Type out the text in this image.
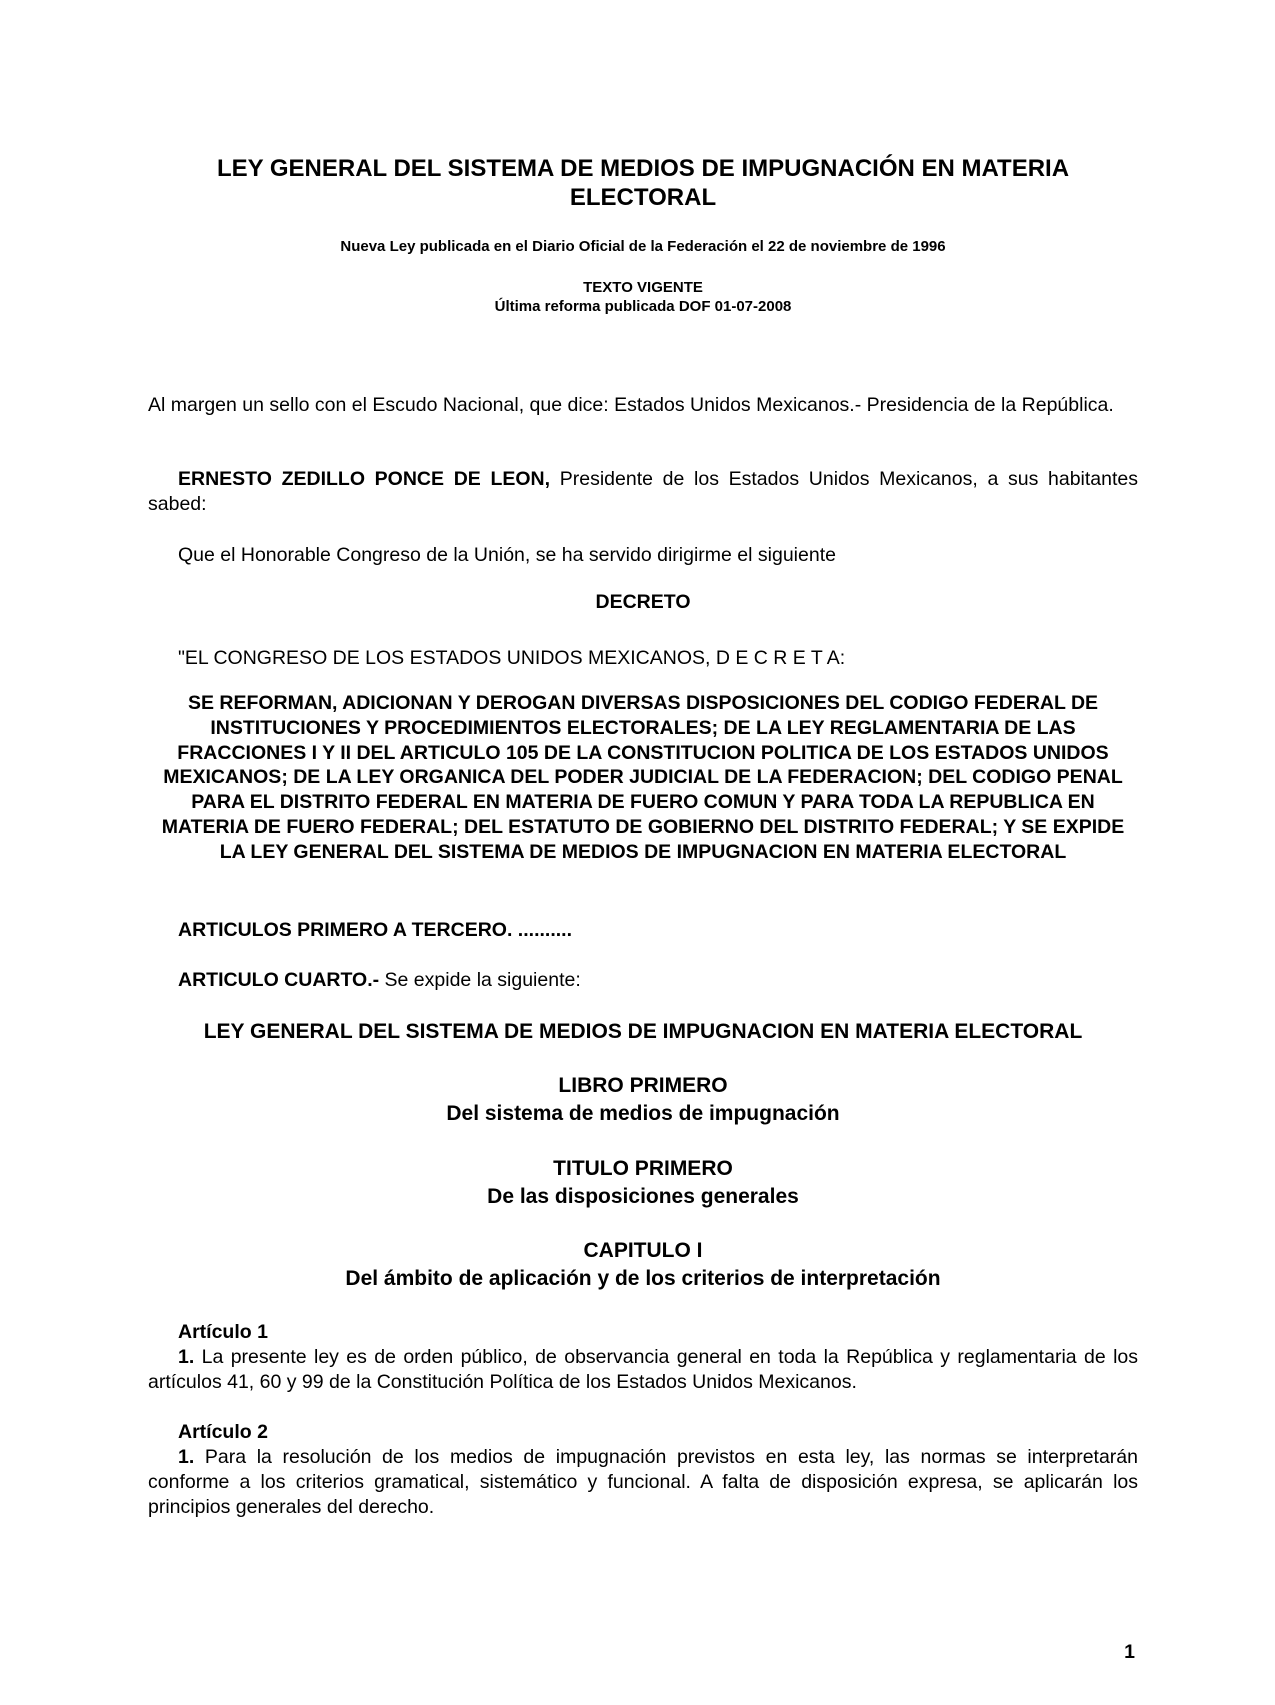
LEY GENERAL DEL SISTEMA DE MEDIOS DE IMPUGNACIÓN EN MATERIA ELECTORAL

Nueva Ley publicada en el Diario Oficial de la Federación el 22 de noviembre de 1996

TEXTO VIGENTE

Última reforma publicada DOF 01-07-2008

Al margen un sello con el Escudo Nacional, que dice: Estados Unidos Mexicanos.- Presidencia de la República.

ERNESTO ZEDILLO PONCE DE LEON, Presidente de los Estados Unidos Mexicanos, a sus habitantes sabed:

Que el Honorable Congreso de la Unión, se ha servido dirigirme el siguiente

DECRETO

"EL CONGRESO DE LOS ESTADOS UNIDOS MEXICANOS, D E C R E T A:

SE REFORMAN, ADICIONAN Y DEROGAN DIVERSAS DISPOSICIONES DEL CODIGO FEDERAL DE INSTITUCIONES Y PROCEDIMIENTOS ELECTORALES; DE LA LEY REGLAMENTARIA DE LAS FRACCIONES I Y II DEL ARTICULO 105 DE LA CONSTITUCION POLITICA DE LOS ESTADOS UNIDOS MEXICANOS; DE LA LEY ORGANICA DEL PODER JUDICIAL DE LA FEDERACION; DEL CODIGO PENAL PARA EL DISTRITO FEDERAL EN MATERIA DE FUERO COMUN Y PARA TODA LA REPUBLICA EN MATERIA DE FUERO FEDERAL; DEL ESTATUTO DE GOBIERNO DEL DISTRITO FEDERAL; Y SE EXPIDE LA LEY GENERAL DEL SISTEMA DE MEDIOS DE IMPUGNACION EN MATERIA ELECTORAL

ARTICULOS PRIMERO A TERCERO. ..........

ARTICULO CUARTO.- Se expide la siguiente:

LEY GENERAL DEL SISTEMA DE MEDIOS DE IMPUGNACION EN MATERIA ELECTORAL

LIBRO PRIMERO

Del sistema de medios de impugnación

TITULO PRIMERO

De las disposiciones generales

CAPITULO I

Del ámbito de aplicación y de los criterios de interpretación

Artículo 1

1. La presente ley es de orden público, de observancia general en toda la República y reglamentaria de los artículos 41, 60 y 99 de la Constitución Política de los Estados Unidos Mexicanos.

Artículo 2

1. Para la resolución de los medios de impugnación previstos en esta ley, las normas se interpretarán conforme a los criterios gramatical, sistemático y funcional. A falta de disposición expresa, se aplicarán los principios generales del derecho.

1
